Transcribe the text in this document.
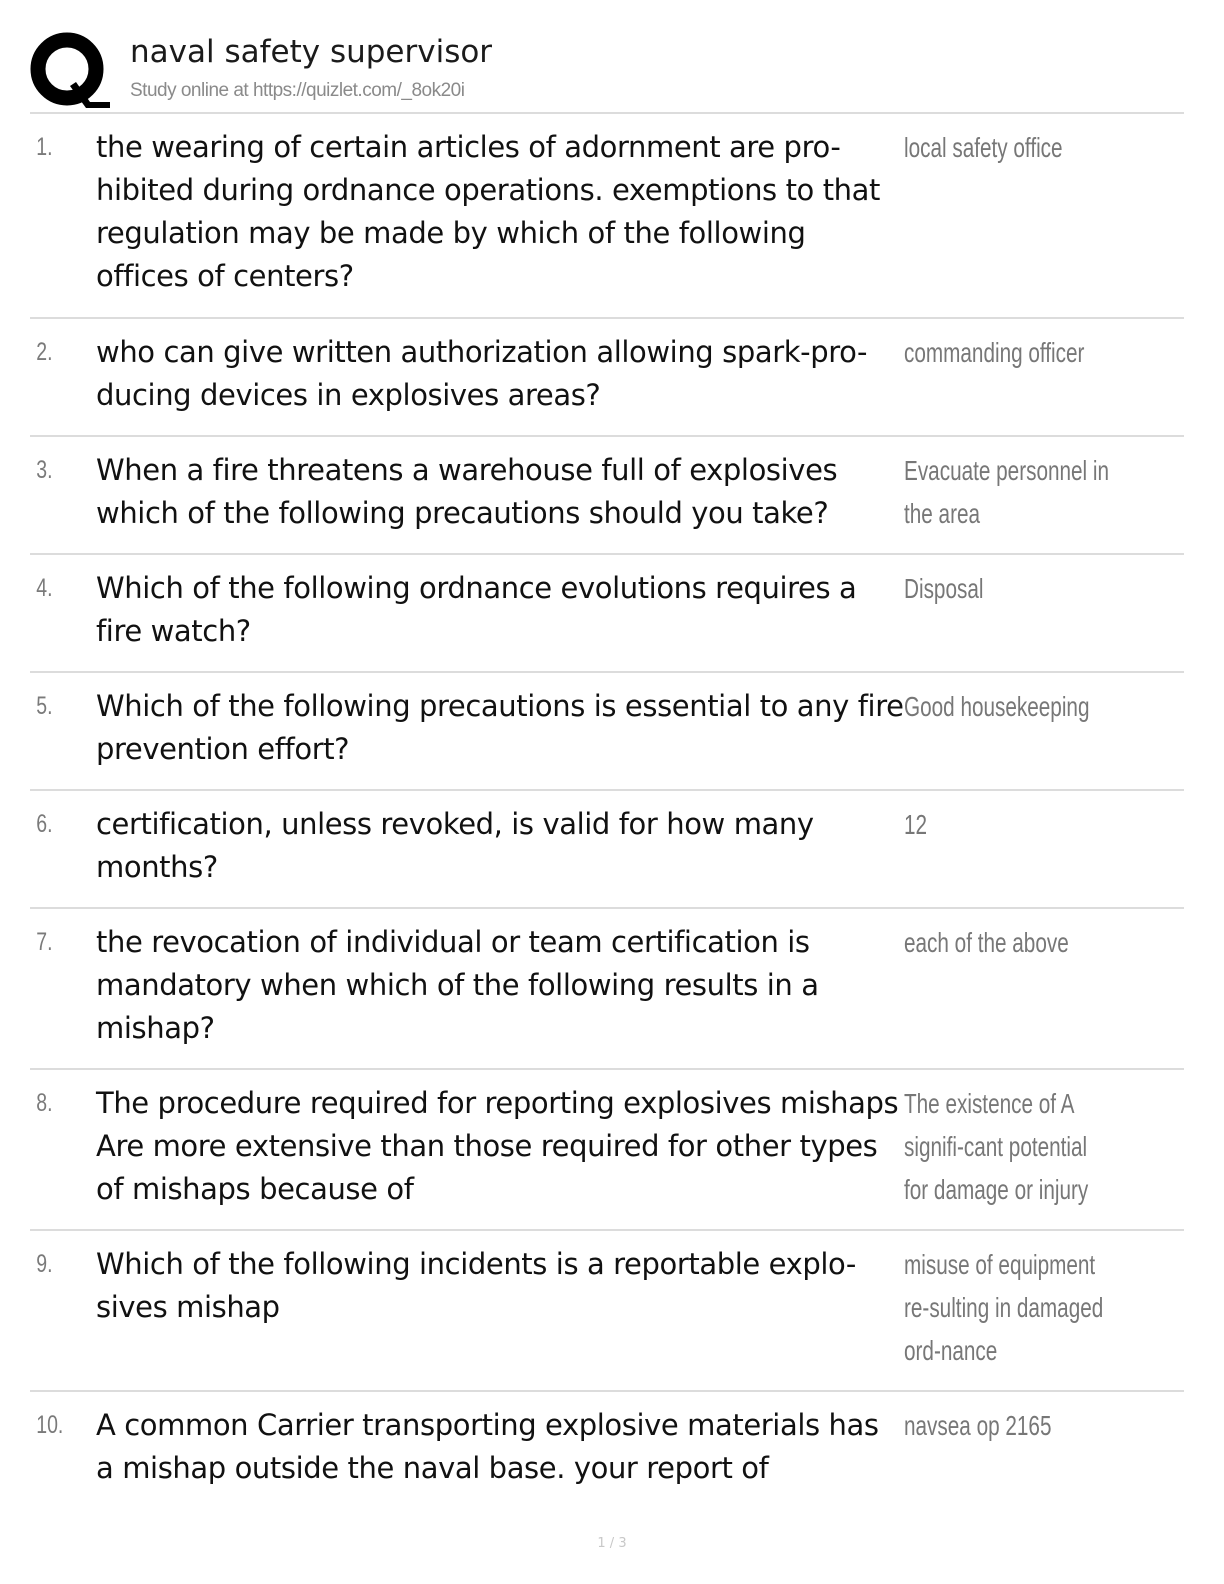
naval safety supervisor
Study online at https://quizlet.com/_8ok20i
1.	the wearing of certain articles of adornment are pro-hibited during ordnance operations. exemptions to that regulation may be made by which of the following offices of centers?
local safety office
2.	who can give written authorization allowing spark-pro-ducing devices in explosives areas?
commanding officer
3.	When a fire threatens a warehouse full of explosives which of the following precautions should you take?
Evacuate personnel in the area
4.	Which of the following ordnance evolutions requires a fire watch?
Disposal
5.	Which of the following precautions is essential to any fire prevention effort?
Good housekeeping
6.	certification, unless revoked, is valid for how many months?
12
7.	the revocation of individual or team certification is mandatory when which of the following results in a mishap?
each of the above
8.	The procedure required for reporting explosives mishaps Are more extensive than those required for other types of mishaps because of
The existence of A signifi-cant potential for damage or injury
9.	Which of the following incidents is a reportable explo-sives mishap
misuse of equipment re-sulting in damaged ord-nance
10.	A common Carrier transporting explosive materials has a mishap outside the naval base. your report of
navsea op 2165
1 / 3
